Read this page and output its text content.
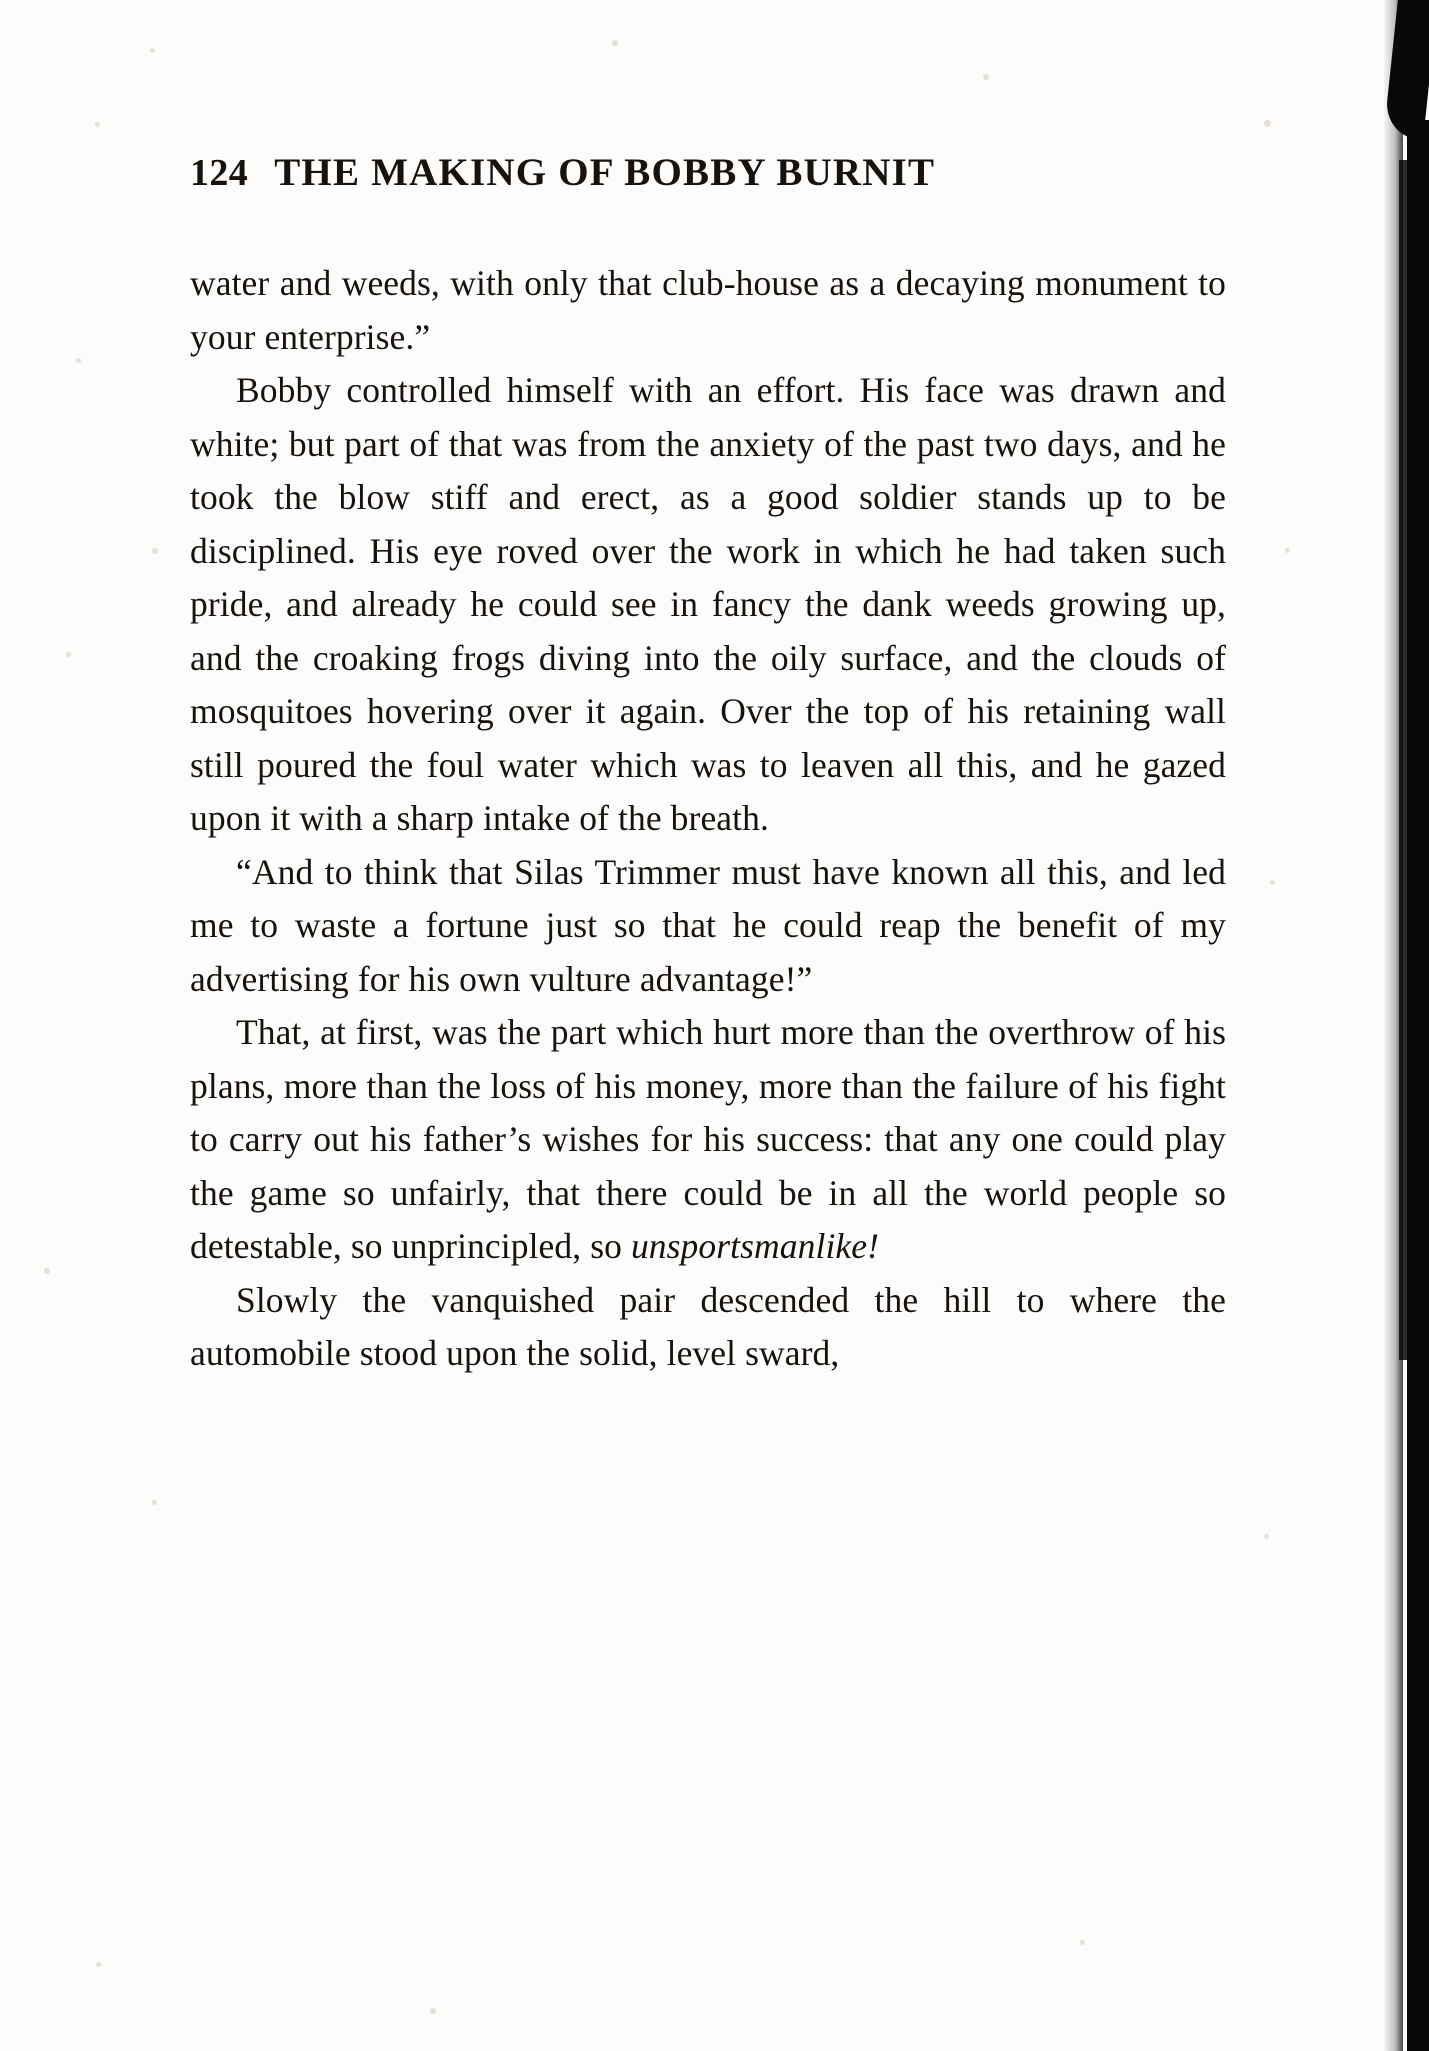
124 THE MAKING OF BOBBY BURNIT

water and weeds, with only that club-house as a decaying monument to your enterprise.”

Bobby controlled himself with an effort. His face was drawn and white; but part of that was from the anxiety of the past two days, and he took the blow stiff and erect, as a good soldier stands up to be disciplined. His eye roved over the work in which he had taken such pride, and already he could see in fancy the dank weeds growing up, and the croaking frogs diving into the oily surface, and the clouds of mosquitoes hovering over it again. Over the top of his retaining wall still poured the foul water which was to leaven all this, and he gazed upon it with a sharp intake of the breath.

“And to think that Silas Trimmer must have known all this, and led me to waste a fortune just so that he could reap the benefit of my advertising for his own vulture advantage!”

That, at first, was the part which hurt more than the overthrow of his plans, more than the loss of his money, more than the failure of his fight to carry out his father’s wishes for his success: that any one could play the game so unfairly, that there could be in all the world people so detestable, so unprincipled, so unsportsmanlike!

Slowly the vanquished pair descended the hill to where the automobile stood upon the solid, level sward,
